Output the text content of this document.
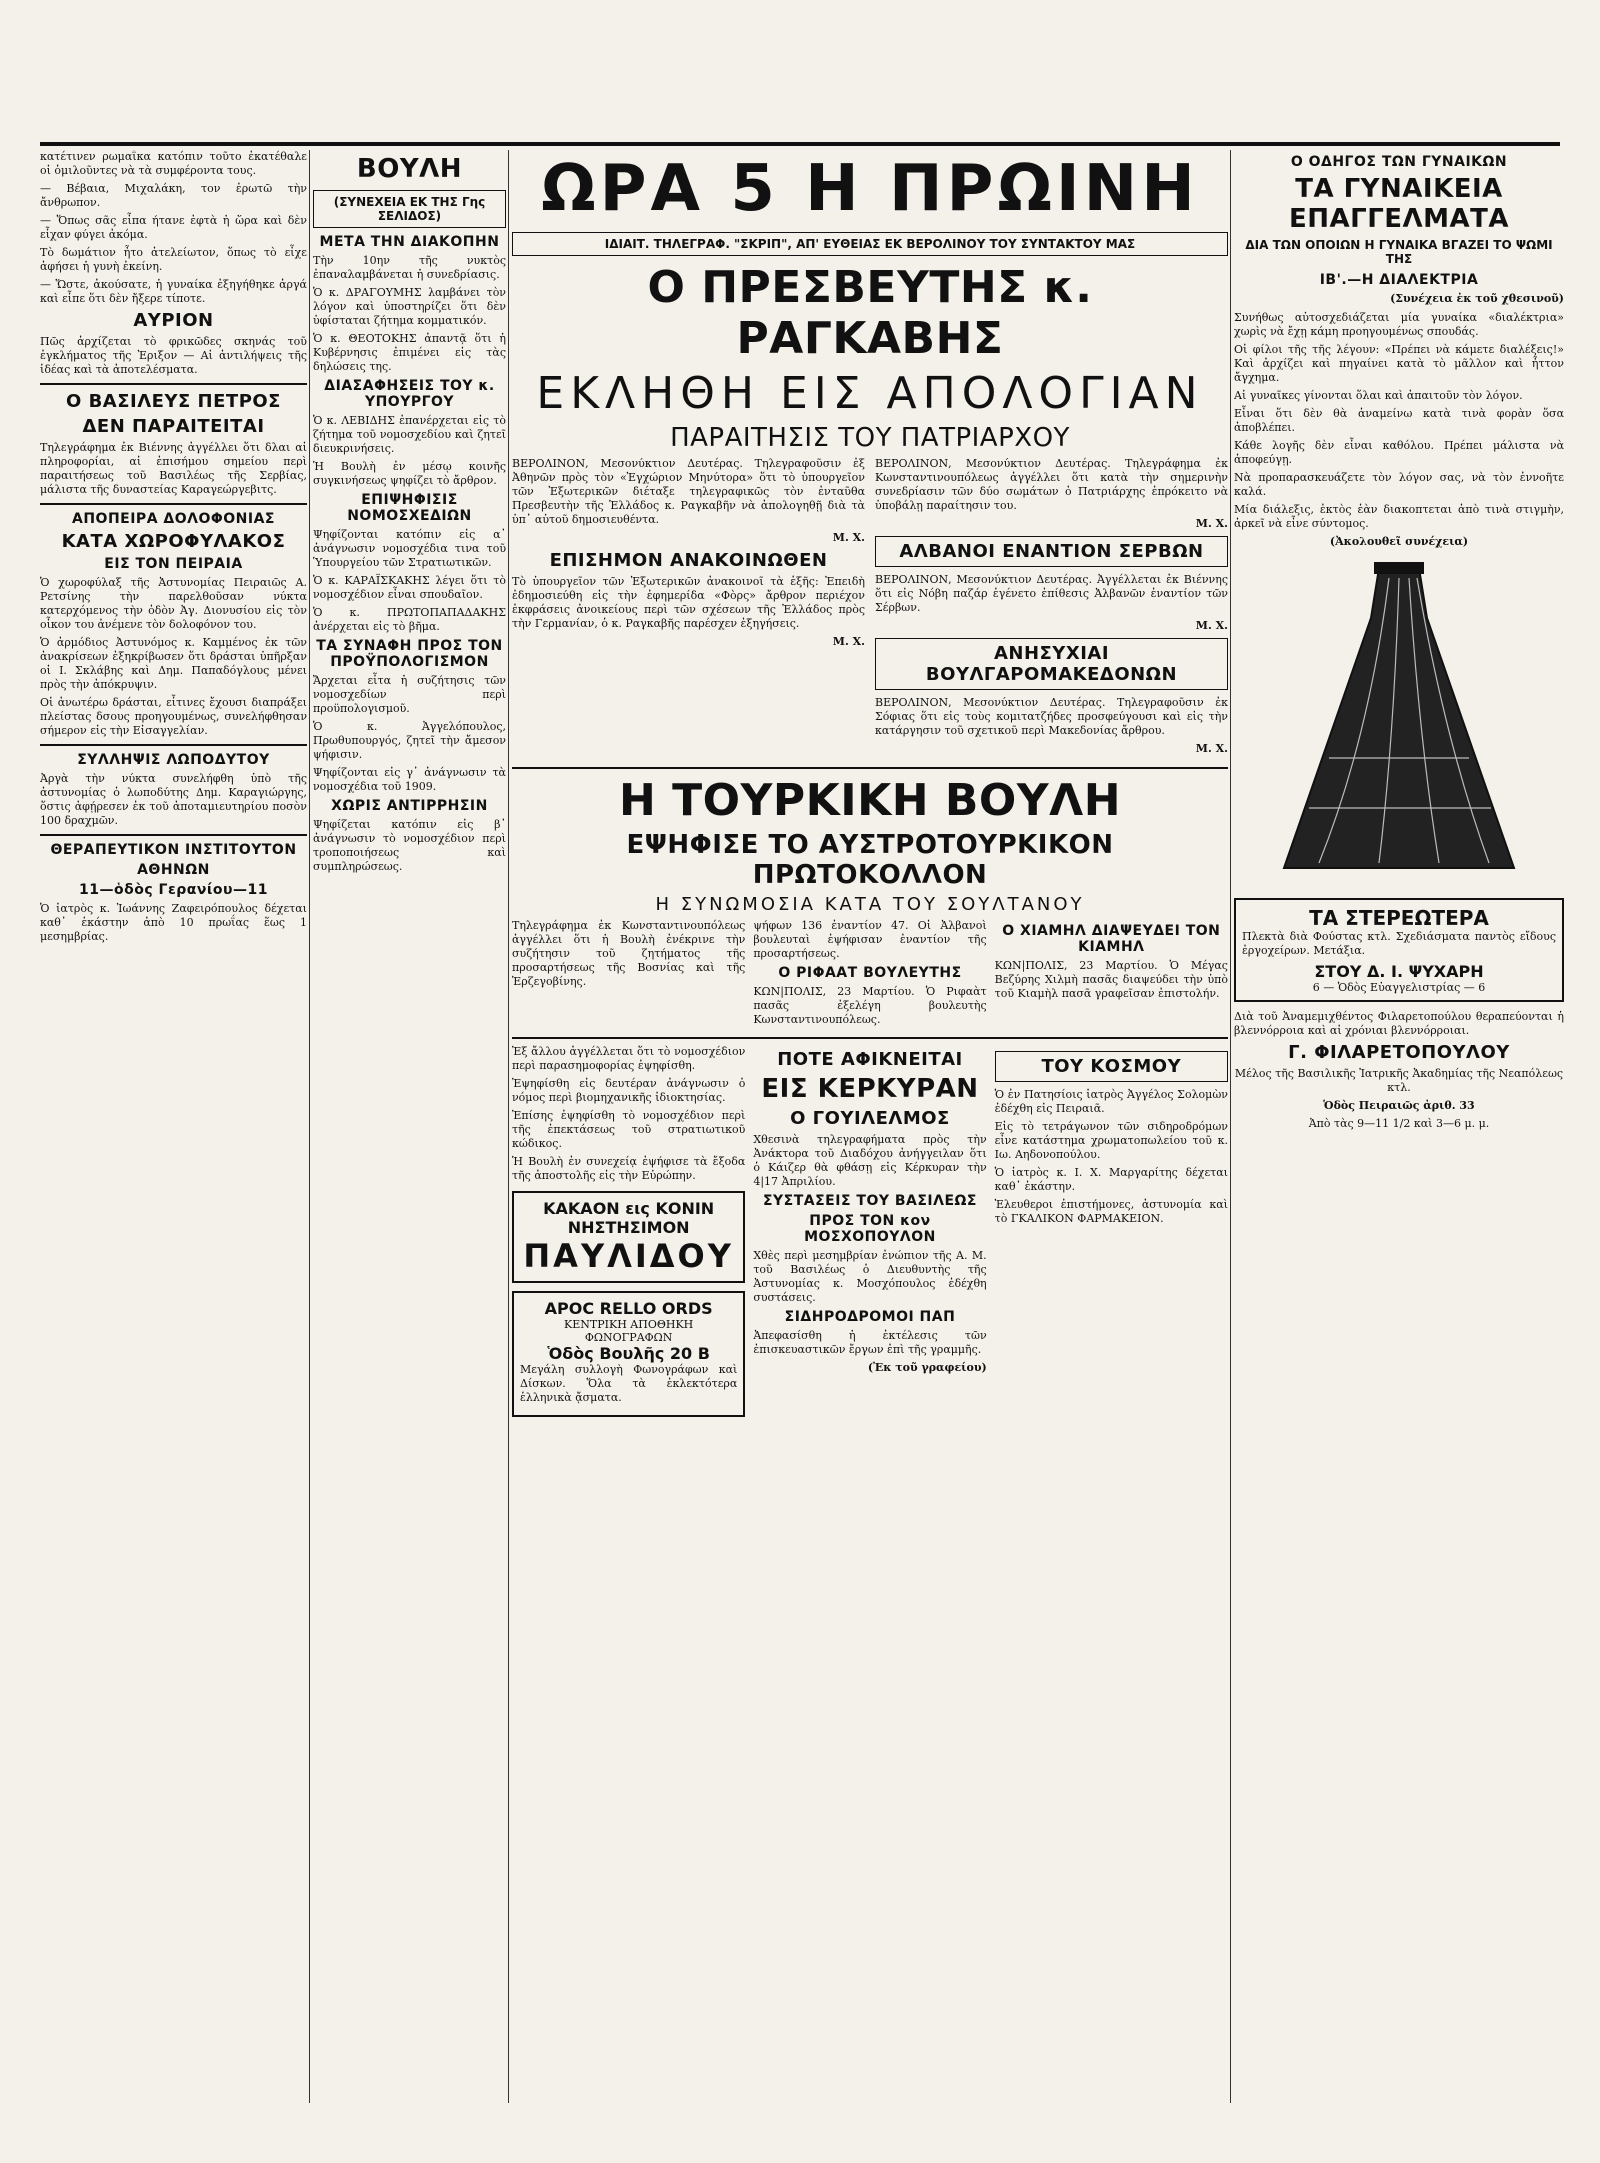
κατέτινεν ρωμαΐκα κατόπιν τοῦτο ἐκατέθαλε οἱ ὁμιλοῦντες νὰ τὰ συμφέροντα τους.

— Βέβαια, Μιχαλάκη, τον ἐρωτῶ τὴν ἄνθρωπον.

— Ὅπως σᾶς εἶπα ήτανε ἐφτὰ ἡ ὥρα καὶ δὲν εἶχαν φύγει ἀκόμα.

Τὸ δωμάτιον ἦτο ἀτελείωτον, ὅπως τὸ εἶχε ἀφήσει ἡ γυνὴ ἐκείνη.

— Ὥστε, ἀκούσατε, ἡ γυναίκα ἐξηγήθηκε ἀργά καὶ εἶπε ὅτι δὲν ἤξερε τίποτε.

ΑΥΡΙΟΝ

Πῶς ἀρχίζεται τὸ φρικῶδες σκηνάς τοῦ ἐγκλήματος τῆς Ἐριξον — Αἱ ἀντιλήψεις τῆς ἰδέας καὶ τὰ ἀποτελέσματα.

Ο ΒΑΣΙΛΕΥΣ ΠΕΤΡΟΣ
ΔΕΝ ΠΑΡΑΙΤΕΙΤΑΙ

Τηλεγράφημα ἐκ Βιέννης ἀγγέλλει ὅτι δλαι αἱ πληροφορίαι, αἱ ἐπισήμου σημείου περὶ παραιτήσεως τοῦ Βασιλέως τῆς Σερβίας, μάλιστα τῆς δυναστείας Καραγεώργεβιτς.

ΑΠΟΠΕΙΡΑ ΔΟΛΟΦΟΝΙΑΣ
ΚΑΤΑ ΧΩΡΟΦΥΛΑΚΟΣ
ΕΙΣ ΤΟΝ ΠΕΙΡΑΙΑ

Ὁ χωροφύλαξ τῆς Ἀστυνομίας Πειραιῶς Α. Ρετσίνης τὴν παρελθοῦσαν νύκτα κατερχόμενος τὴν ὁδὸν Ἀγ. Διονυσίου εἰς τὸν οἶκον του ἀνέμενε τὸν δολοφόνον του.

Ὁ ἀρμόδιος Ἀστυνόμος κ. Καμμένος ἐκ τῶν ἀνακρίσεων ἐξηκρίβωσεν ὅτι δράσται ὑπῆρξαν οἱ Ι. Σκλάβης καὶ Δημ. Παπαδόγλους μένει πρὸς τὴν ἀπόκρυψιν.

Οἱ ἀνωτέρω δράσται, εἶτινες ἔχουσι διαπράξει πλείστας δσους προηγουμένως, συνελήφθησαν σήμερον εἰς τὴν Εἰσαγγελίαν.

ΣΥΛΛΗΨΙΣ ΛΩΠΟΔΥΤΟΥ

Ἀργὰ τὴν νύκτα συνελήφθη ὑπὸ τῆς ἀστυνομίας ὁ λωποδύτης Δημ. Καραγιώργης, ὅστις ἀφῄρεσεν ἐκ τοῦ ἀποταμιευτηρίου ποσὸν 100 δραχμῶν.

ΘΕΡΑΠΕΥΤΙΚΟΝ ΙΝΣΤΙΤΟΥΤΟΝ
ΑΘΗΝΩΝ
11—ὁδὸς Γερανίου—11

Ὁ ἰατρὸς κ. Ἰωάννης Ζαφειρόπουλος δέχεται καθ᾽ ἑκάστην ἀπὸ 10 πρωΐας ἕως 1 μεσημβρίας.

ΒΟΥΛΗ
(ΣΥΝΕΧΕΙΑ ΕΚ ΤΗΣ Γης ΣΕΛΙΔΟΣ)
ΜΕΤΑ ΤΗΝ ΔΙΑΚΟΠΗΝ

Τὴν 10ην τῆς νυκτὸς ἐπαναλαμβάνεται ἡ συνεδρίασις.

Ὁ κ. ΔΡΑΓΟΥΜΗΣ λαμβάνει τὸν λόγον καὶ ὑποστηρίζει ὅτι δὲν ὑφίσταται ζήτημα κομματικόν.

Ὁ κ. ΘΕΟΤΟΚΗΣ ἀπαντᾷ ὅτι ἡ Κυβέρνησις ἐπιμένει εἰς τὰς δηλώσεις της.

ΔΙΑΣΑΦΗΣΕΙΣ ΤΟΥ κ. ΥΠΟΥΡΓΟΥ

Ὁ κ. ΛΕΒΙΔΗΣ ἐπανέρχεται εἰς τὸ ζήτημα τοῦ νομοσχεδίου καὶ ζητεῖ διευκρινήσεις.

Ἡ Βουλὴ ἐν μέσῳ κοινῆς συγκινήσεως ψηφίζει τὸ ἄρθρον.

ΕΠΙΨΗΦΙΣΙΣ ΝΟΜΟΣΧΕΔΙΩΝ

Ψηφίζονται κατόπιν εἰς α᾽ ἀνάγνωσιν νομοσχέδια τινα τοῦ Ὑπουργείου τῶν Στρατιωτικῶν.

Ὁ κ. ΚΑΡΑΪΣΚΑΚΗΣ λέγει ὅτι τὸ νομοσχέδιον εἶναι σπουδαῖον.

Ὁ κ. ΠΡΩΤΟΠΑΠΑΔΑΚΗΣ ἀνέρχεται εἰς τὸ βῆμα.

ΤΑ ΣΥΝΑΦΗ ΠΡΟΣ ΤΟΝ ΠΡΟΫΠΟΛΟΓΙΣΜΟΝ

Ἄρχεται εἶτα ἡ συζήτησις τῶν νομοσχεδίων περὶ προϋπολογισμοῦ.

Ὁ κ. Ἀγγελόπουλος, Πρωθυπουργός, ζητεῖ τὴν ἄμεσον ψήφισιν.

Ψηφίζονται εἰς γ᾽ ἀνάγνωσιν τὰ νομοσχέδια τοῦ 1909.

ΧΩΡΙΣ ΑΝΤΙΡΡΗΣΙΝ

Ψηφίζεται κατόπιν εἰς β᾽ ἀνάγνωσιν τὸ νομοσχέδιον περὶ τροποποιήσεως καὶ συμπληρώσεως.

ΩΡΑ 5 Η ΠΡΩΙΝΗ
ΙΔΙΑΙΤ. ΤΗΛΕΓΡΑΦ. "ΣΚΡΙΠ", ΑΠ' ΕΥΘΕΙΑΣ ΕΚ ΒΕΡΟΛΙΝΟΥ ΤΟΥ ΣΥΝΤΑΚΤΟΥ ΜΑΣ
Ο ΠΡΕΣΒΕΥΤΗΣ κ. ΡΑΓΚΑΒΗΣ
ΕΚΛΗΘΗ ΕΙΣ ΑΠΟΛΟΓΙΑΝ
ΠΑΡΑΙΤΗΣΙΣ ΤΟΥ ΠΑΤΡΙΑΡΧΟΥ

ΒΕΡΟΛΙΝΟΝ, Μεσονύκτιον Δευτέρας. Τηλεγραφοῦσιν ἐξ Ἀθηνῶν πρὸς τὸν «Ἐγχώριον Μηνύτορα» ὅτι τὸ ὑπουργεῖον τῶν Ἐξωτερικῶν διέταξε τηλεγραφικῶς τὸν ἐνταῦθα Πρεσβευτὴν τῆς Ἑλλάδος κ. Ραγκαβῆν νὰ ἀπολογηθῇ διὰ τὰ ὑπ᾽ αὐτοῦ δημοσιευθέντα.

Μ. Χ.
ΕΠΙΣΗΜΟΝ ΑΝΑΚΟΙΝΩΘΕΝ

Τὸ ὑπουργεῖον τῶν Ἐξωτερικῶν ἀνακοινοῖ τὰ ἑξῆς: Ἐπειδὴ ἐδημοσιεύθη εἰς τὴν ἐφημερίδα «Φὸρς» ἄρθρον περιέχον ἐκφράσεις ἀνοικείους περὶ τῶν σχέσεων τῆς Ἑλλάδος πρὸς τὴν Γερμανίαν, ὁ κ. Ραγκαβῆς παρέσχεν ἐξηγήσεις.

Μ. Χ.

ΒΕΡΟΛΙΝΟΝ, Μεσονύκτιον Δευτέρας. Τηλεγράφημα ἐκ Κωνσταντινουπόλεως ἀγγέλλει ὅτι κατὰ τὴν σημερινὴν συνεδρίασιν τῶν δύο σωμάτων ὁ Πατριάρχης ἐπρόκειτο νὰ ὑποβάλῃ παραίτησιν του.

Μ. Χ.
ΑΛΒΑΝΟΙ ΕΝΑΝΤΙΟΝ ΣΕΡΒΩΝ

ΒΕΡΟΛΙΝΟΝ, Μεσονύκτιον Δευτέρας. Ἀγγέλλεται ἐκ Βιέννης ὅτι εἰς Νόβη παζάρ ἐγένετο ἐπίθεσις Ἀλβανῶν ἐναντίον τῶν Σέρβων.

Μ. Χ.
ΑΝΗΣΥΧΙΑΙ ΒΟΥΛΓΑΡΟΜΑΚΕΔΟΝΩΝ

ΒΕΡΟΛΙΝΟΝ, Μεσονύκτιον Δευτέρας. Τηλεγραφοῦσιν ἐκ Σόφιας ὅτι εἰς τοὺς κομιτατζήδες προσφεύγουσι καὶ εἰς τὴν κατάργησιν τοῦ σχετικοῦ περὶ Μακεδονίας ἄρθρου.

Μ. Χ.
Η ΤΟΥΡΚΙΚΗ ΒΟΥΛΗ
ΕΨΗΦΙΣΕ ΤΟ ΑΥΣΤΡΟΤΟΥΡΚΙΚΟΝ ΠΡΩΤΟΚΟΛΛΟΝ
Η ΣΥΝΩΜΟΣΙΑ ΚΑΤΑ ΤΟΥ ΣΟΥΛΤΑΝΟΥ

Τηλεγράφημα ἐκ Κωνσταντινουπόλεως ἀγγέλλει ὅτι ἡ Βουλὴ ἐνέκρινε τὴν συζήτησιν τοῦ ζητήματος τῆς προσαρτήσεως τῆς Βοσνίας καὶ τῆς Ἑρζεγοβίνης.

ψήφων 136 ἐναντίον 47. Οἱ Ἀλβανοὶ βουλευταὶ ἐψήφισαν ἐναντίον τῆς προσαρτήσεως.

Ο ΡΙΦΑΑΤ ΒΟΥΛΕΥΤΗΣ

ΚΩΝ|ΠΟΛΙΣ, 23 Μαρτίου. Ὁ Ριφαὰτ πασᾶς ἐξελέγη βουλευτὴς Κωνσταντινουπόλεως.

Ο ΧΙΑΜΗΛ ΔΙΑΨΕΥΔΕΙ ΤΟΝ ΚΙΑΜΗΛ

ΚΩΝ|ΠΟΛΙΣ, 23 Μαρτίου. Ὁ Μέγας Βεζύρης Χιλμὴ πασᾶς διαψεύδει τὴν ὑπὸ τοῦ Κιαμὴλ πασᾶ γραφεῖσαν ἐπιστολήν.

Ἐξ ἄλλου ἀγγέλλεται ὅτι τὸ νομοσχέδιον περὶ παρασημοφορίας ἐψηφίσθη.

Ἐψηφίσθη εἰς δευτέραν ἀνάγνωσιν ὁ νόμος περὶ βιομηχανικῆς ἰδιοκτησίας.

Ἐπίσης ἐψηφίσθη τὸ νομοσχέδιον περὶ τῆς ἐπεκτάσεως τοῦ στρατιωτικοῦ κώδικος.

Ἡ Βουλὴ ἐν συνεχείᾳ ἐψήφισε τὰ ἔξοδα τῆς ἀποστολῆς εἰς τὴν Εὐρώπην.

ΚΑΚΑΟΝ εις ΚΟΝΙΝ
ΝΗΣΤΗΣΙΜΟΝ
ΠΑΥΛΙΔΟΥ
APOC RELLO ORDS
ΚΕΝΤΡΙΚΗ ΑΠΟΘΗΚΗ ΦΩΝΟΓΡΑΦΩΝ
Ὁδὸς Βουλῆς 20 Β

Μεγάλη συλλογὴ Φωνογράφων καὶ Δίσκων. Ὅλα τὰ ἐκλεκτότερα ἑλληνικὰ ᾄσματα.

ΠΟΤΕ ΑΦΙΚΝΕΙΤΑΙ
ΕΙΣ ΚΕΡΚΥΡΑΝ
Ο ΓΟΥΙΛΕΛΜΟΣ

Χθεσινὰ τηλεγραφήματα πρὸς τὴν Ἀνάκτορα τοῦ Διαδόχου ἀνήγγειλαν ὅτι ὁ Κάιζερ θὰ φθάσῃ εἰς Κέρκυραν τὴν 4|17 Ἀπριλίου.

ΣΥΣΤΑΣΕΙΣ ΤΟΥ ΒΑΣΙΛΕΩΣ
ΠΡΟΣ ΤΟΝ κον ΜΟΣΧΟΠΟΥΛΟΝ

Χθὲς περὶ μεσημβρίαν ἐνώπιον τῆς Α. Μ. τοῦ Βασιλέως ὁ Διευθυντὴς τῆς Ἀστυνομίας κ. Μοσχόπουλος ἐδέχθη συστάσεις.

ΣΙΔΗΡΟΔΡΟΜΟΙ ΠΑΠ

Ἀπεφασίσθη ἡ ἐκτέλεσις τῶν ἐπισκευαστικῶν ἔργων ἐπὶ τῆς γραμμῆς.

(Ἐκ τοῦ γραφείου)
ΤΟΥ ΚΟΣΜΟΥ

Ὁ ἐν Πατησίοις ἰατρὸς Ἀγγέλος Σολομὼν ἐδέχθη εἰς Πειραιᾶ.

Εἰς τὸ τετράγωνον τῶν σιδηροδρόμων εἶνε κατάστημα χρωματοπωλείου τοῦ κ. Ιω. Αηδονοπούλου.

Ὁ ἰατρὸς κ. Ι. Χ. Μαργαρίτης δέχεται καθ᾽ ἑκάστην.

Ἐλευθεροι ἐπιστήμονες, ἀστυνομία καὶ τὸ ΓΚΑΛΙΚΟΝ ΦΑΡΜΑΚΕΙΟΝ.

Ο ΟΔΗΓΟΣ ΤΩΝ ΓΥΝΑΙΚΩΝ
ΤΑ ΓΥΝΑΙΚΕΙΑ ΕΠΑΓΓΕΛΜΑΤΑ
ΔΙΑ ΤΩΝ ΟΠΟΙΩΝ Η ΓΥΝΑΙΚΑ ΒΓΑΖΕΙ ΤΟ ΨΩΜΙ ΤΗΣ
ΙΒ'.—Η ΔΙΑΛΕΚΤΡΙΑ
(Συνέχεια ἐκ τοῦ χθεσινοῦ)

Συνήθως αὐτοσχεδιάζεται μία γυναίκα «διαλέκτρια» χωρὶς νὰ ἔχῃ κάμη προηγουμένως σπουδάς.

Οἱ φίλοι τῆς τῆς λέγουν: «Πρέπει νὰ κάμετε διαλέξεις!» Καὶ ἀρχίζει καὶ πηγαίνει κατὰ τὸ μᾶλλον καὶ ἧττον ἄγχημα.

Αἱ γυναῖκες γίνονται ὅλαι καὶ ἀπαιτοῦν τὸν λόγον.

Εἶναι ὅτι δὲν θὰ ἀναμείνω κατὰ τινὰ φορὰν ὅσα ἀποβλέπει.

Κάθε λογῆς δὲν εἶναι καθόλου. Πρέπει μάλιστα νὰ ἀποφεύγῃ.

Νὰ προπαρασκευάζετε τὸν λόγον σας, νὰ τὸν ἐννοῆτε καλά.

Μία διάλεξις, ἐκτὸς ἐὰν διακοπτεται ἀπὸ τινὰ στιγμὴν, ἀρκεῖ νὰ εἶνε σύντομος.

(Ἀκολουθεῖ συνέχεια)
ΤΑ ΣΤΕΡΕΩΤΕΡΑ

Πλεκτὰ διὰ Φούστας κτλ. Σχεδιάσματα παντὸς εἴδους ἐργοχείρων. Μετάξια.

ΣΤΟΥ Δ. Ι. ΨΥΧΑΡΗ
6 — Ὁδὸς Εὐαγγελιστρίας — 6

Διὰ τοῦ Ἀναμεμιχθέντος Φιλαρετοπούλου θεραπεύονται ἡ βλεννόρροια καὶ αἱ χρόνιαι βλεννόρροιαι.

Γ. ΦΙΛΑΡΕΤΟΠΟΥΛΟΥ

Μέλος τῆς Βασιλικῆς Ἰατρικῆς Ἀκαδημίας τῆς Νεαπόλεως κτλ.

Ὁδὸς Πειραιῶς ἀριθ. 33

Ἀπὸ τὰς 9—11 1/2 καὶ 3—6 μ. μ.
